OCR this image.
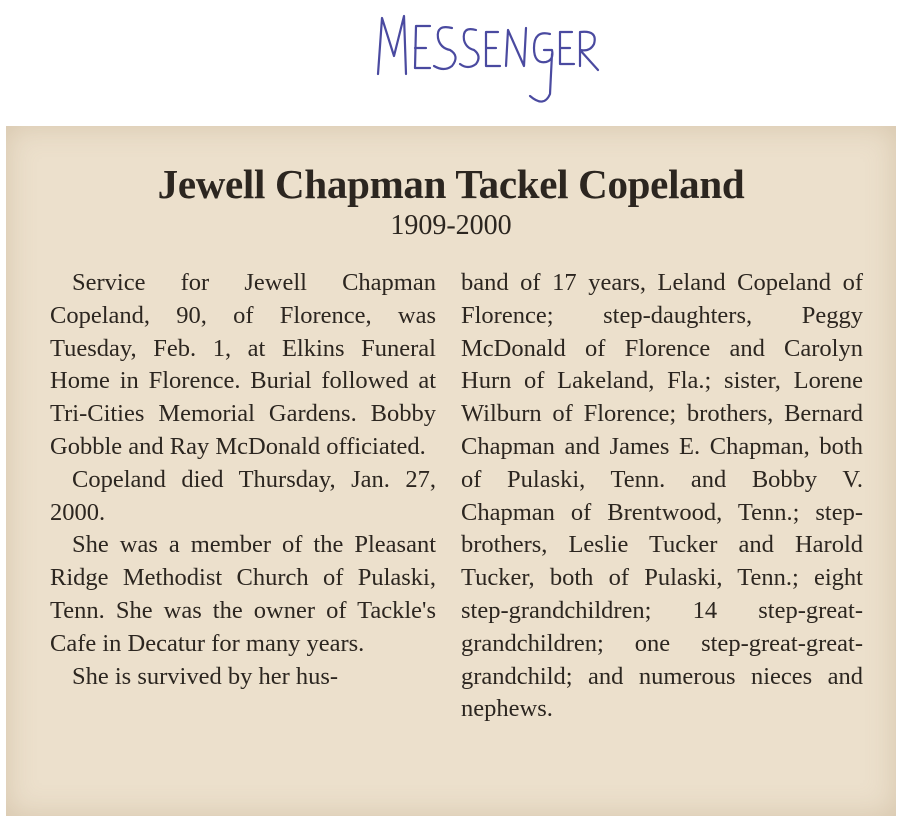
Jewell Chapman Tackel Copeland
1909-2000

Service for Jewell Chapman Copeland, 90, of Florence, was Tuesday, Feb. 1, at Elkins Funeral Home in Florence. Burial followed at Tri-Cities Memorial Gardens. Bobby Gobble and Ray McDonald officiated.

Copeland died Thursday, Jan. 27, 2000.

She was a member of the Pleasant Ridge Methodist Church of Pulaski, Tenn. She was the owner of Tackle's Cafe in Decatur for many years.

She is survived by her hus-

band of 17 years, Leland Copeland of Florence; step-daughters, Peggy McDonald of Florence and Carolyn Hurn of Lakeland, Fla.; sister, Lorene Wilburn of Florence; brothers, Bernard Chapman and James E. Chapman, both of Pulaski, Tenn. and Bobby V. Chapman of Brentwood, Tenn.; step-brothers, Leslie Tucker and Harold Tucker, both of Pulaski, Tenn.; eight step-grandchildren; 14 step-great-grandchildren; one step-great-great-grandchild; and numerous nieces and nephews.
